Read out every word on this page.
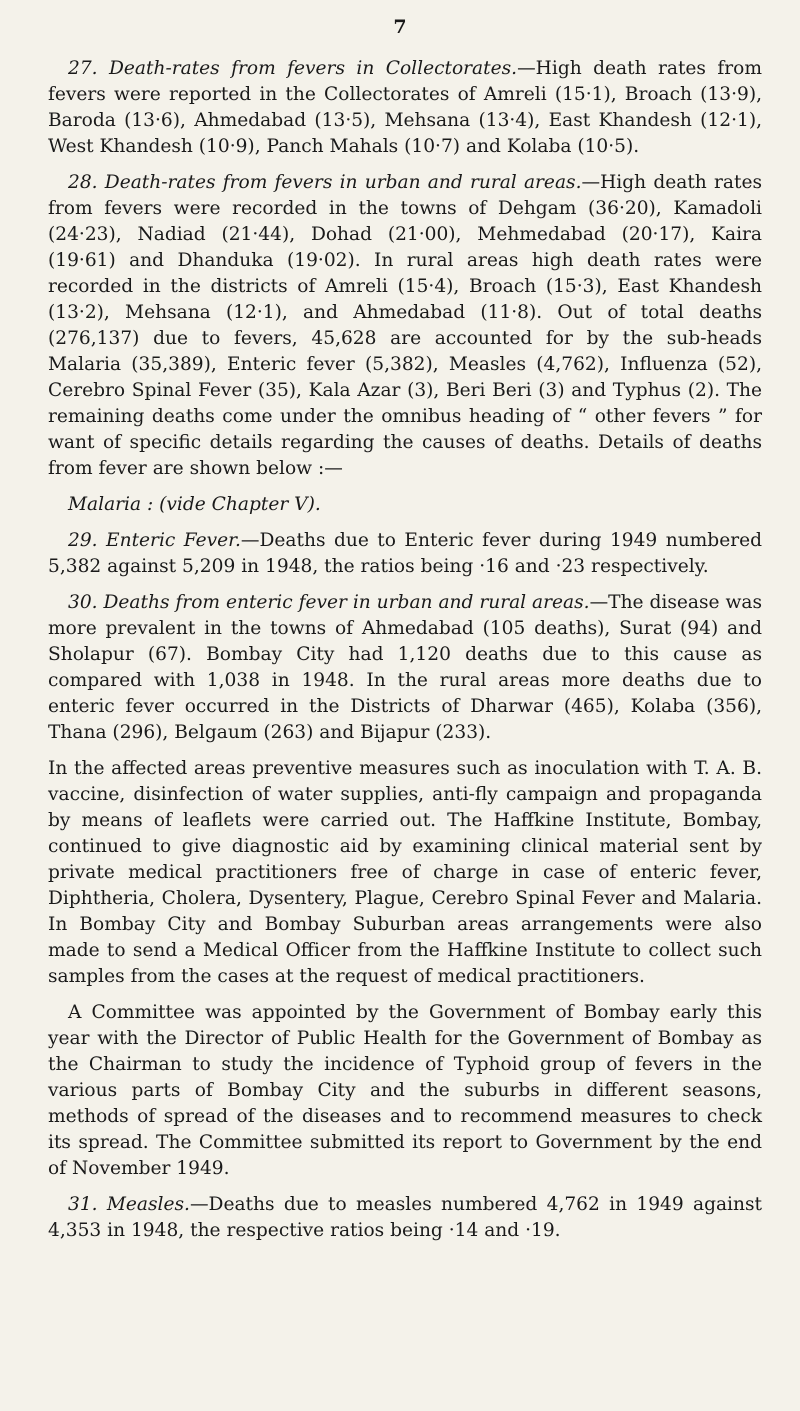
7

27. Death-rates from fevers in Collectorates.—High death rates from fevers were reported in the Collectorates of Amreli (15·1), Broach (13·9), Baroda (13·6), Ahmedabad (13·5), Mehsana (13·4), East Khandesh (12·1), West Khandesh (10·9), Panch Mahals (10·7) and Kolaba (10·5).

28. Death-rates from fevers in urban and rural areas.—High death rates from fevers were recorded in the towns of Dehgam (36·20), Kamadoli (24·23), Nadiad (21·44), Dohad (21·00), Mehmedabad (20·17), Kaira (19·61) and Dhanduka (19·02). In rural areas high death rates were recorded in the districts of Amreli (15·4), Broach (15·3), East Khandesh (13·2), Mehsana (12·1), and Ahmedabad (11·8). Out of total deaths (276,137) due to fevers, 45,628 are accounted for by the sub-heads Malaria (35,389), Enteric fever (5,382), Measles (4,762), Influenza (52), Cerebro Spinal Fever (35), Kala Azar (3), Beri Beri (3) and Typhus (2). The remaining deaths come under the omnibus heading of “ other fevers ” for want of specific details regarding the causes of deaths. Details of deaths from fever are shown below :—

Malaria : (vide Chapter V).

29. Enteric Fever.—Deaths due to Enteric fever during 1949 numbered 5,382 against 5,209 in 1948, the ratios being ·16 and ·23 respectively.

30. Deaths from enteric fever in urban and rural areas.—The disease was more prevalent in the towns of Ahmedabad (105 deaths), Surat (94) and Sholapur (67). Bombay City had 1,120 deaths due to this cause as compared with 1,038 in 1948. In the rural areas more deaths due to enteric fever occurred in the Districts of Dharwar (465), Kolaba (356), Thana (296), Belgaum (263) and Bijapur (233).

In the affected areas preventive measures such as inoculation with T. A. B. vaccine, disinfection of water supplies, anti-fly campaign and propaganda by means of leaflets were carried out. The Haffkine Institute, Bombay, continued to give diagnostic aid by examining clinical material sent by private medical practitioners free of charge in case of enteric fever, Diphtheria, Cholera, Dysentery, Plague, Cerebro Spinal Fever and Malaria. In Bombay City and Bombay Suburban areas arrangements were also made to send a Medical Officer from the Haffkine Institute to collect such samples from the cases at the request of medical practitioners.

A Committee was appointed by the Government of Bombay early this year with the Director of Public Health for the Government of Bombay as the Chairman to study the incidence of Typhoid group of fevers in the various parts of Bombay City and the suburbs in different seasons, methods of spread of the diseases and to recommend measures to check its spread. The Committee submitted its report to Government by the end of November 1949.

31. Measles.—Deaths due to measles numbered 4,762 in 1949 against 4,353 in 1948, the respective ratios being ·14 and ·19.
